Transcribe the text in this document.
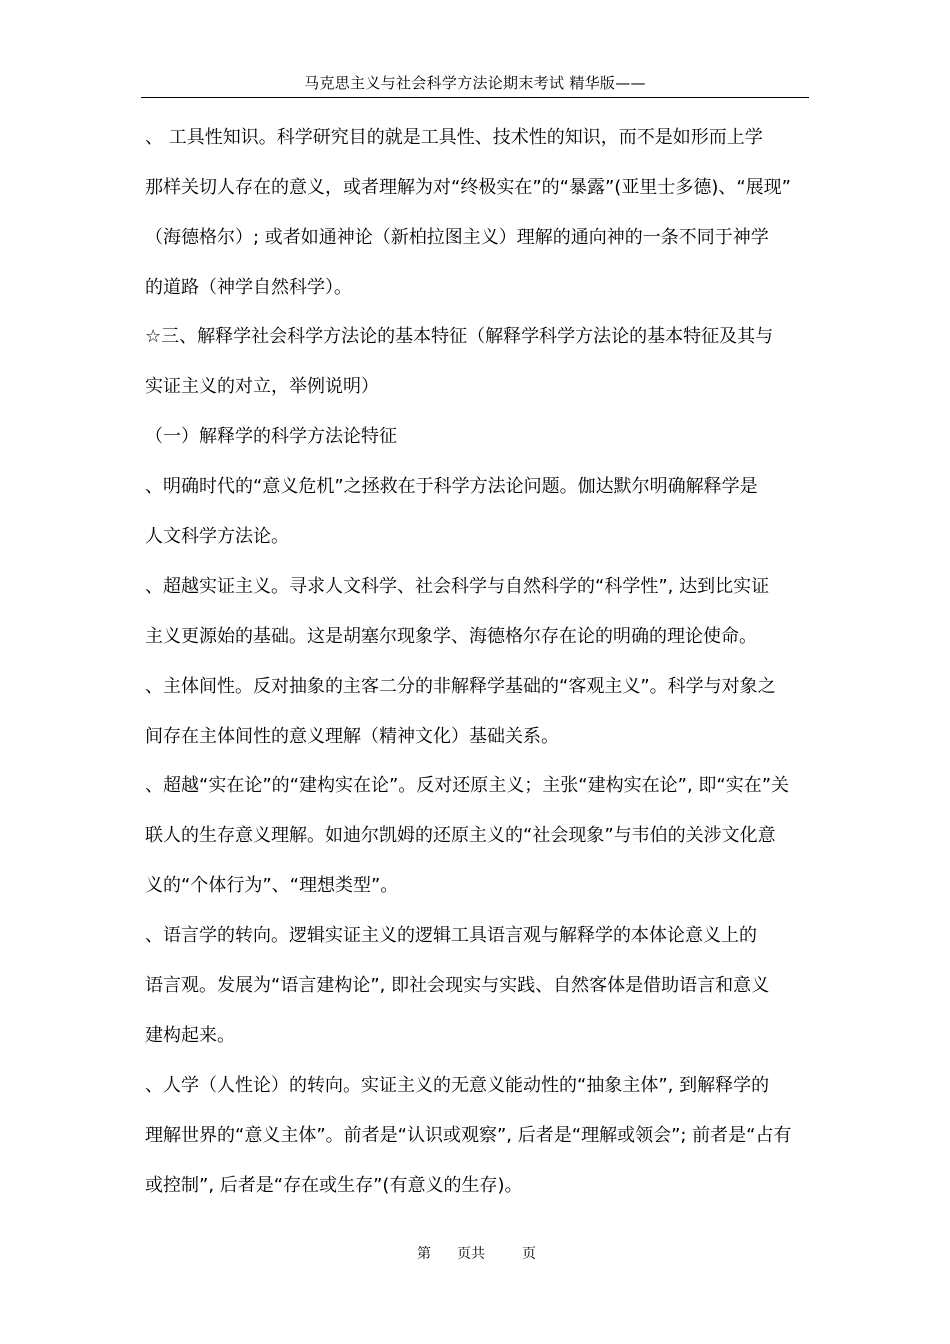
马克思主义与社会科学方法论期末考试 精华版——
、 工具性知识。科学研究目的就是工具性、技术性的知识，而不是如形而上学
那样关切人存在的意义，或者理解为对“终极实在”的“暴露”(亚里士多德)、“展现”
（海德格尔）; 或者如通神论（新柏拉图主义）理解的通向神的一条不同于神学
的道路（神学自然科学）。
☆三、解释学社会科学方法论的基本特征（解释学科学方法论的基本特征及其与
实证主义的对立，举例说明）
（一）解释学的科学方法论特征
、明确时代的“意义危机”之拯救在于科学方法论问题。伽达默尔明确解释学是
人文科学方法论。
、超越实证主义。寻求人文科学、社会科学与自然科学的“科学性”, 达到比实证
主义更源始的基础。这是胡塞尔现象学、海德格尔存在论的明确的理论使命。
、主体间性。反对抽象的主客二分的非解释学基础的“客观主义”。科学与对象之
间存在主体间性的意义理解（精神文化）基础关系。
、超越“实在论”的“建构实在论”。反对还原主义；主张“建构实在论”, 即“实在”关
联人的生存意义理解。如迪尔凯姆的还原主义的“社会现象”与韦伯的关涉文化意
义的“个体行为”、“理想类型”。
、语言学的转向。逻辑实证主义的逻辑工具语言观与解释学的本体论意义上的
语言观。发展为“语言建构论”, 即社会现实与实践、自然客体是借助语言和意义
建构起来。
、人学（人性论）的转向。实证主义的无意义能动性的“抽象主体”, 到解释学的
理解世界的“意义主体”。前者是“认识或观察”, 后者是“理解或领会”; 前者是“占有
或控制”, 后者是“存在或生存”(有意义的生存)。
第 页共	页
